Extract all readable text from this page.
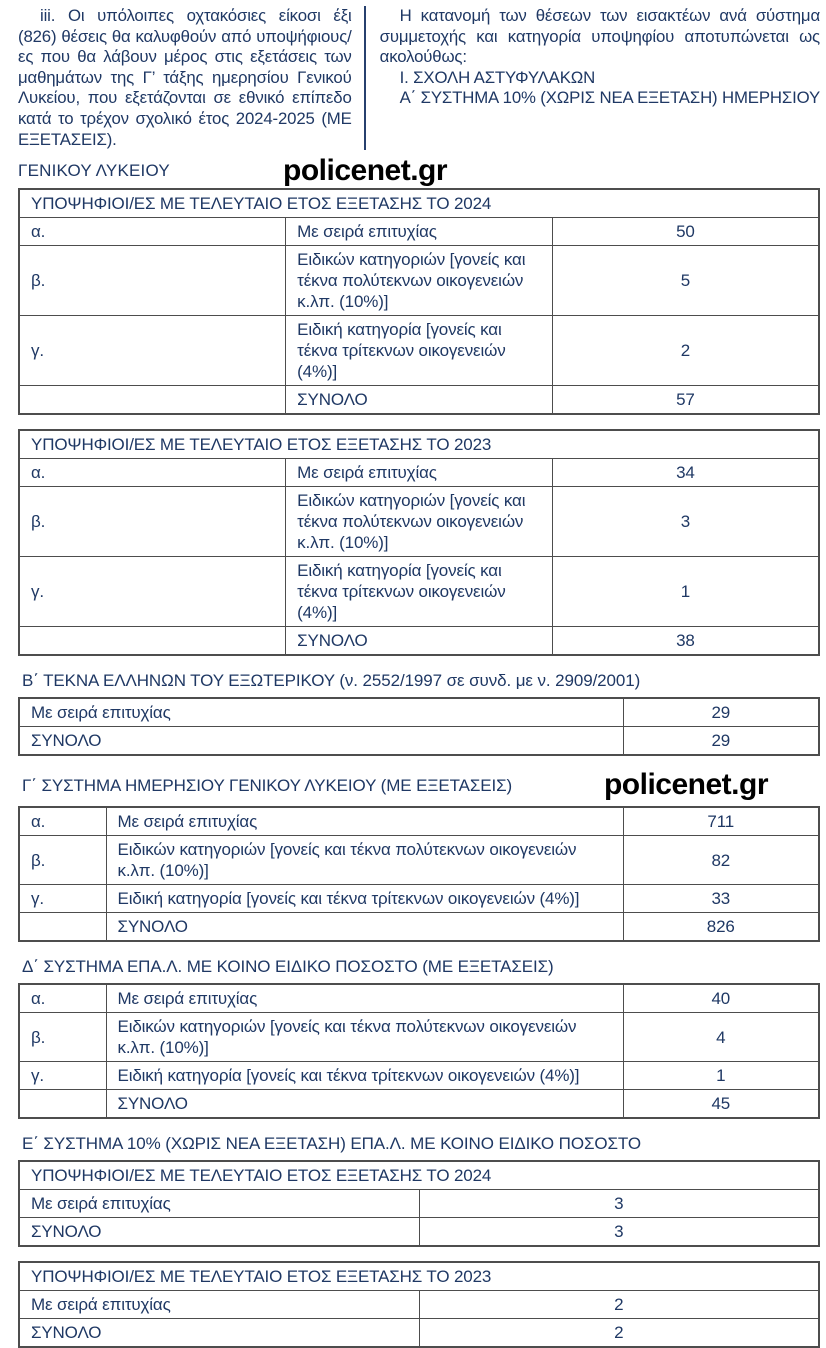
iii. Οι υπόλοιπες οχτακόσιες είκοσι έξι (826) θέσεις θα καλυφθούν από υποψήφιους/ες που θα λάβουν μέρος στις εξετάσεις των μαθημάτων της Γ’ τάξης ημερησίου Γενικού Λυκείου, που εξετάζονται σε εθνικό επίπεδο κατά το τρέχον σχολικό έτος 2024-2025 (ΜΕ ΕΞΕΤΑΣΕΙΣ).
Η κατανομή των θέσεων των εισακτέων ανά σύστημα συμμετοχής και κατηγορία υποψηφίου αποτυπώνεται ως ακολούθως:
Ι. ΣΧΟΛΗ ΑΣΤΥΦΥΛΑΚΩΝ
Α΄ ΣΥΣΤΗΜΑ 10% (ΧΩΡΙΣ ΝΕΑ ΕΞΕΤΑΣΗ) ΗΜΕΡΗΣΙΟΥ
ΓΕΝΙΚΟΥ ΛΥΚΕΙΟΥ	policenet.gr
ΥΠΟΨΗΦΙΟΙ/ΕΣ ΜΕ ΤΕΛΕΥΤΑΙΟ ΕΤΟΣ ΕΞΕΤΑΣΗΣ ΤΟ 2024		
α.	Με σειρά επιτυχίας	50
β.	Ειδικών κατηγοριών [γονείς και τέκνα πολύτεκνων οικογενειών κ.λπ. (10%)]	5
γ.	Ειδική κατηγορία [γονείς και τέκνα τρίτεκνων οικογενειών (4%)]	2
	ΣΥΝΟΛΟ	57
ΥΠΟΨΗΦΙΟΙ/ΕΣ ΜΕ ΤΕΛΕΥΤΑΙΟ ΕΤΟΣ ΕΞΕΤΑΣΗΣ ΤΟ 2023		
α.	Με σειρά επιτυχίας	34
β.	Ειδικών κατηγοριών [γονείς και τέκνα πολύτεκνων οικογενειών κ.λπ. (10%)]	3
γ.	Ειδική κατηγορία [γονείς και τέκνα τρίτεκνων οικογενειών (4%)]	1
	ΣΥΝΟΛΟ	38
Β΄ ΤΕΚΝΑ ΕΛΛΗΝΩΝ ΤΟΥ ΕΞΩΤΕΡΙΚΟΥ (ν. 2552/1997 σε συνδ. με ν. 2909/2001)
Με σειρά επιτυχίας	29
ΣΥΝΟΛΟ	29
Γ΄ ΣΥΣΤΗΜΑ ΗΜΕΡΗΣΙΟΥ ΓΕΝΙΚΟΥ ΛΥΚΕΙΟΥ (ΜΕ ΕΞΕΤΑΣΕΙΣ)	policenet.gr
α.	Με σειρά επιτυχίας	711
β.	Ειδικών κατηγοριών [γονείς και τέκνα πολύτεκνων οικογενειών κ.λπ. (10%)]	82
γ.	Ειδική κατηγορία [γονείς και τέκνα τρίτεκνων οικογενειών (4%)]	33
	ΣΥΝΟΛΟ	826
Δ΄ ΣΥΣΤΗΜΑ ΕΠΑ.Λ. ΜΕ ΚΟΙΝΟ ΕΙΔΙΚΟ ΠΟΣΟΣΤΟ (ΜΕ ΕΞΕΤΑΣΕΙΣ)
α.	Με σειρά επιτυχίας	40
β.	Ειδικών κατηγοριών [γονείς και τέκνα πολύτεκνων οικογενειών κ.λπ. (10%)]	4
γ.	Ειδική κατηγορία [γονείς και τέκνα τρίτεκνων οικογενειών (4%)]	1
	ΣΥΝΟΛΟ	45
Ε΄ ΣΥΣΤΗΜΑ 10% (ΧΩΡΙΣ ΝΕΑ ΕΞΕΤΑΣΗ) ΕΠΑ.Λ. ΜΕ ΚΟΙΝΟ ΕΙΔΙΚΟ ΠΟΣΟΣΤΟ
ΥΠΟΨΗΦΙΟΙ/ΕΣ ΜΕ ΤΕΛΕΥΤΑΙΟ ΕΤΟΣ ΕΞΕΤΑΣΗΣ ΤΟ 2024	
Με σειρά επιτυχίας	3
ΣΥΝΟΛΟ	3
ΥΠΟΨΗΦΙΟΙ/ΕΣ ΜΕ ΤΕΛΕΥΤΑΙΟ ΕΤΟΣ ΕΞΕΤΑΣΗΣ ΤΟ 2023	
Με σειρά επιτυχίας	2
ΣΥΝΟΛΟ	2
